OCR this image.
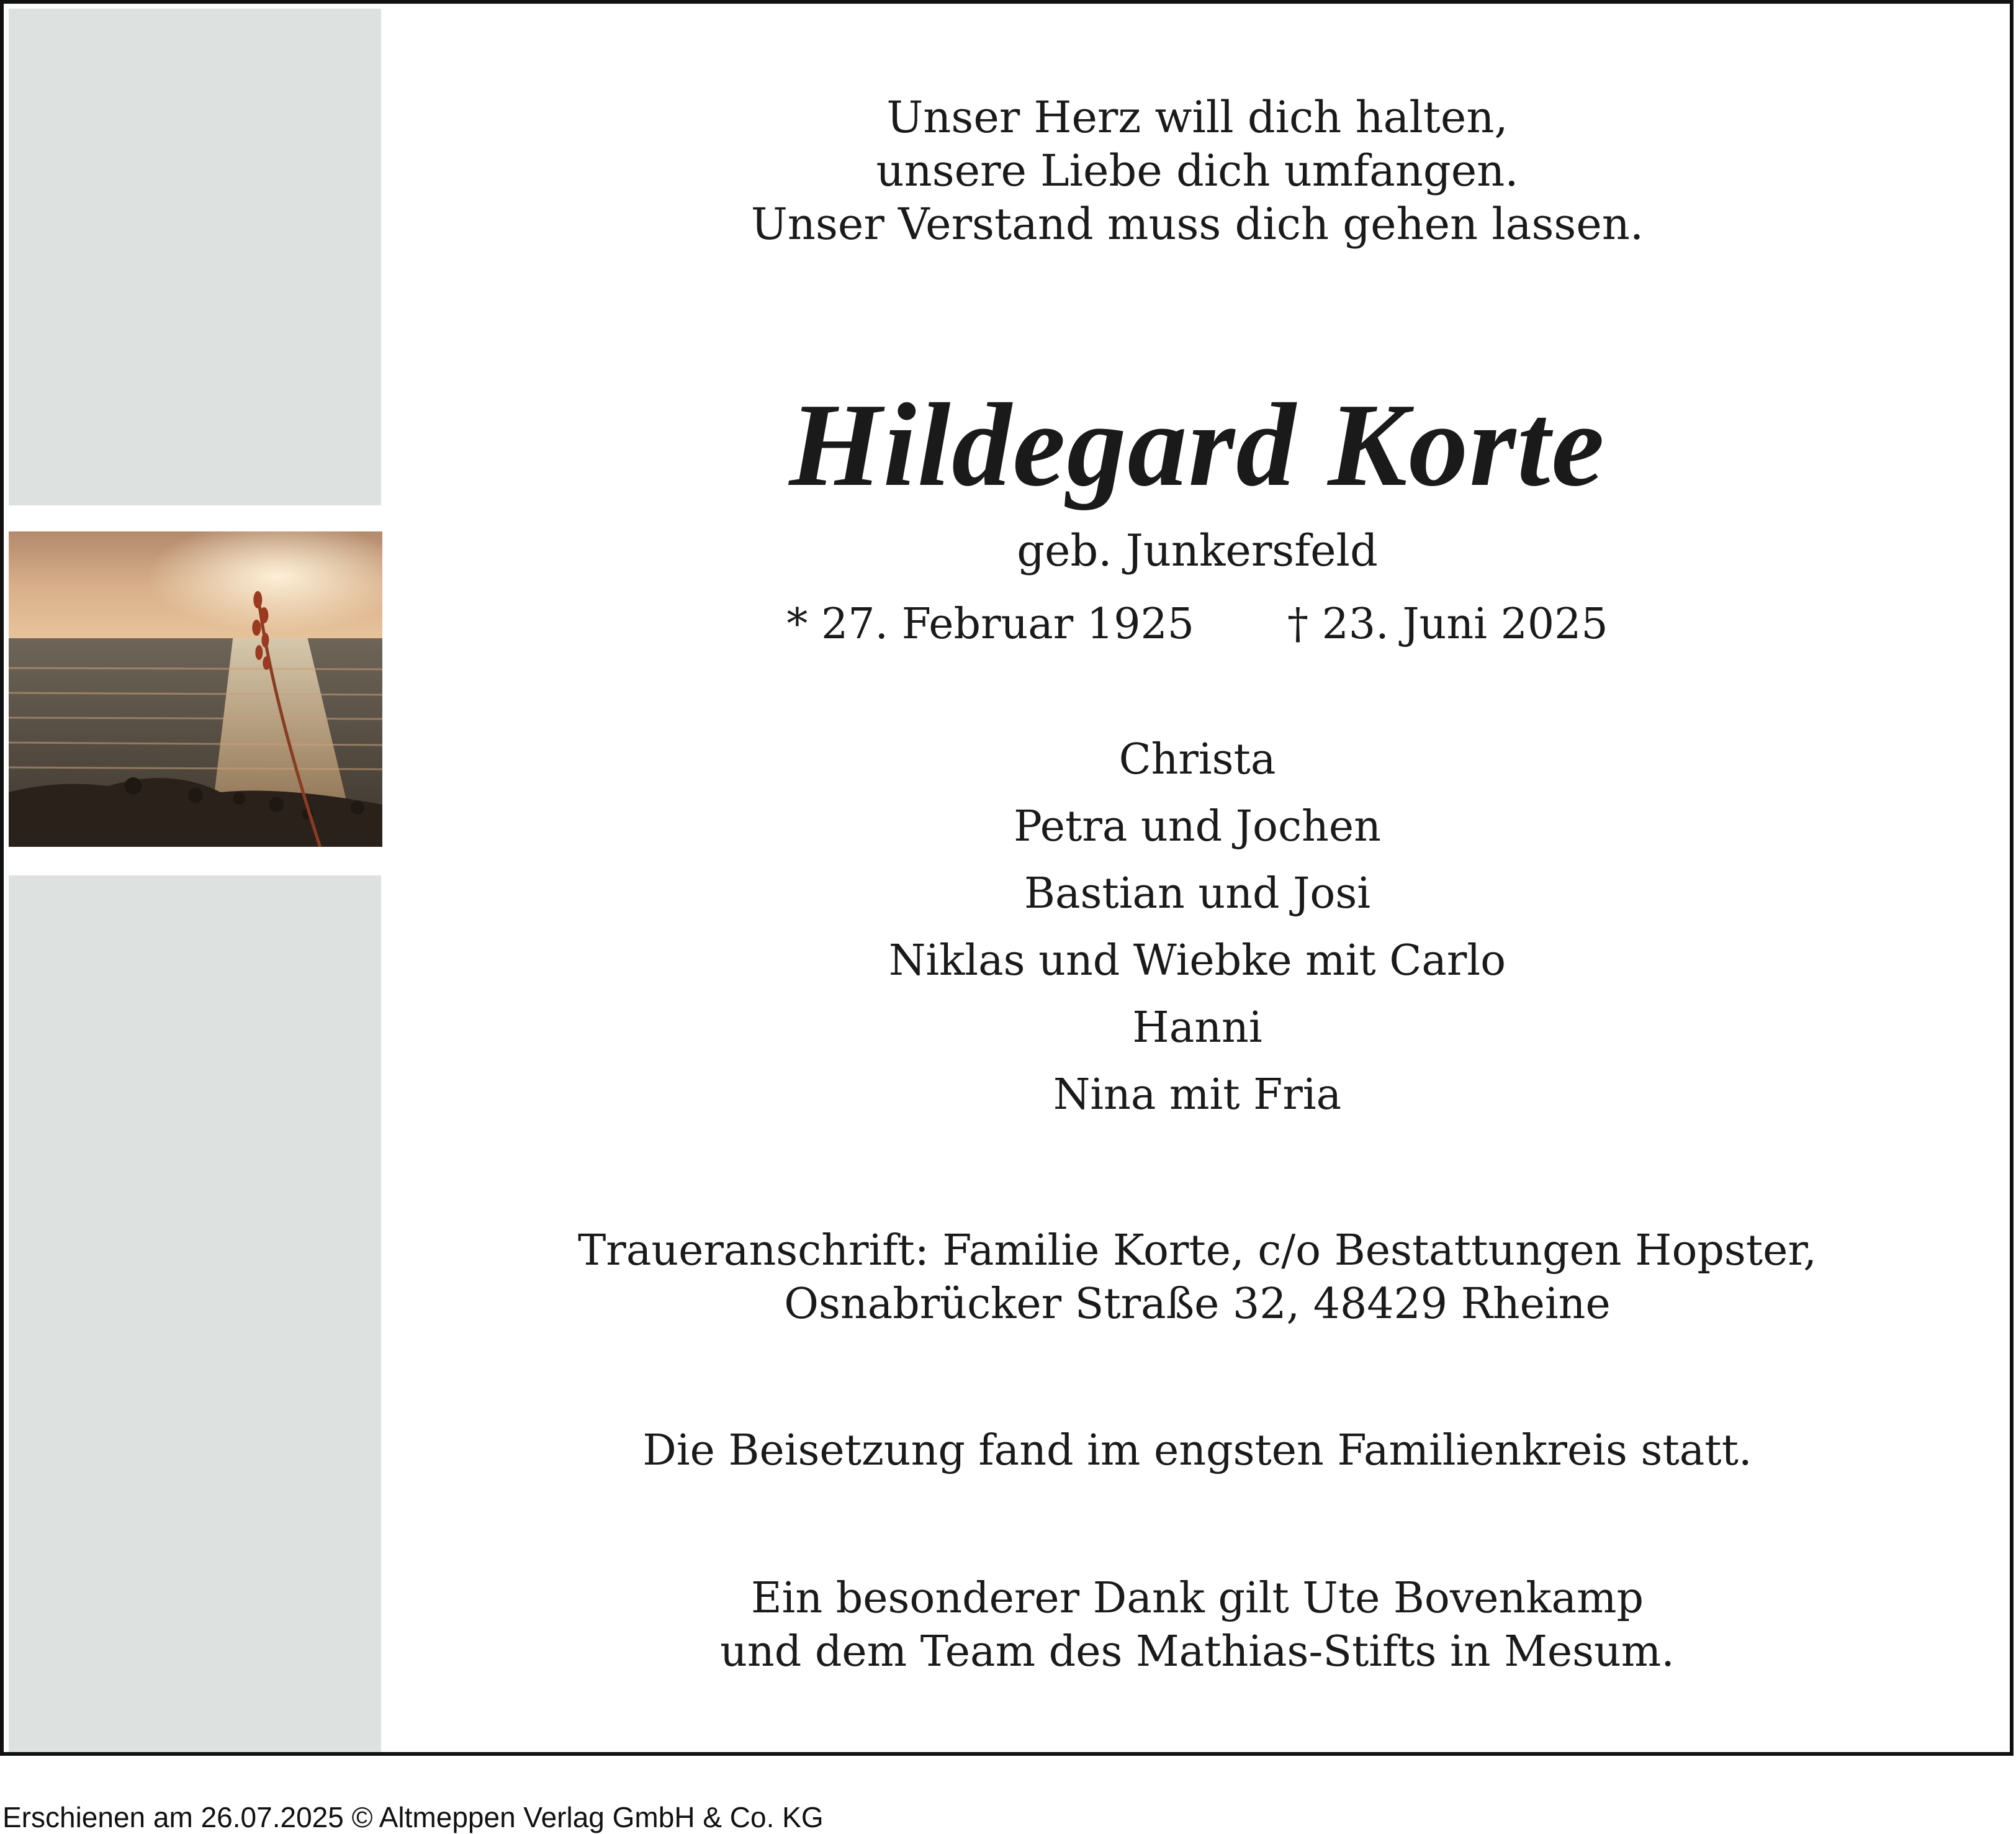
Unser Herz will dich halten,
unsere Liebe dich umfangen.
Unser Verstand muss dich gehen lassen.
Hildegard Korte
geb. Junkersfeld
* 27. Februar 1925 † 23. Juni 2025
Christa
Petra und Jochen
Bastian und Josi
Niklas und Wiebke mit Carlo
Hanni
Nina mit Fria
Traueranschrift: Familie Korte, c/o Bestattungen Hopster,
Osnabrücker Straße 32, 48429 Rheine
Die Beisetzung fand im engsten Familienkreis statt.
Ein besonderer Dank gilt Ute Bovenkamp
und dem Team des Mathias-Stifts in Mesum.
Erschienen am 26.07.2025 © Altmeppen Verlag GmbH & Co. KG
